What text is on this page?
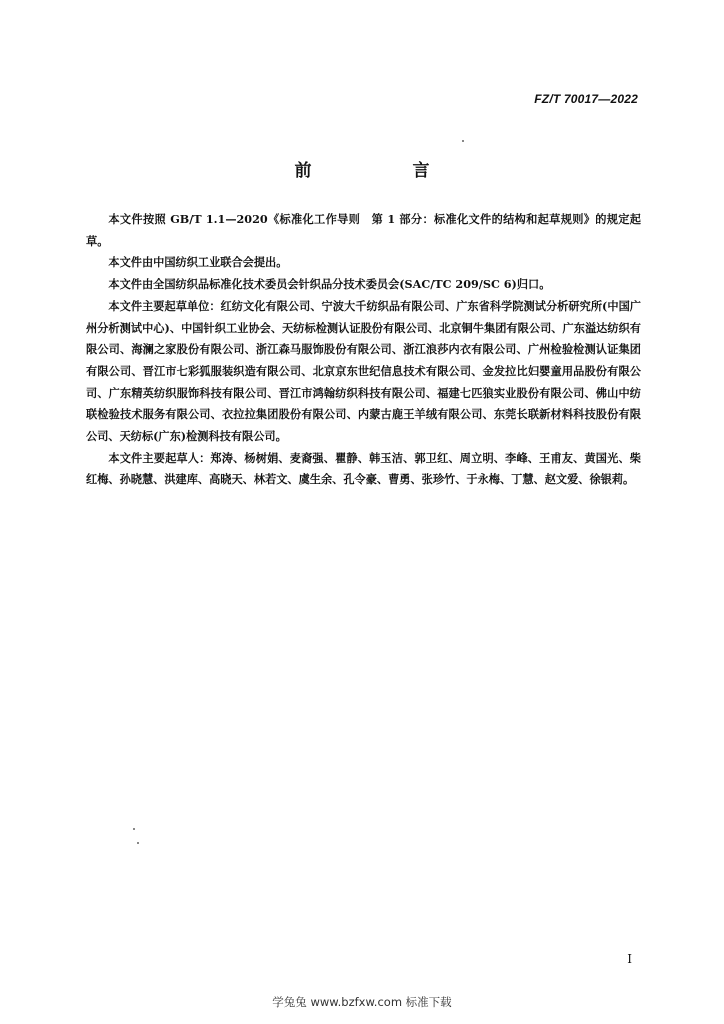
FZ/T 70017—2022
前　言

本文件按照 GB/T 1.1—2020《标准化工作导则　第 1 部分：标准化文件的结构和起草规则》的规定起草。

本文件由中国纺织工业联合会提出。

本文件由全国纺织品标准化技术委员会针织品分技术委员会(SAC/TC 209/SC 6)归口。

本文件主要起草单位：红纺文化有限公司、宁波大千纺织品有限公司、广东省科学院测试分析研究所(中国广州分析测试中心)、中国针织工业协会、天纺标检测认证股份有限公司、北京铜牛集团有限公司、广东溢达纺织有限公司、海澜之家股份有限公司、浙江森马服饰股份有限公司、浙江浪莎内衣有限公司、广州检验检测认证集团有限公司、晋江市七彩狐服装织造有限公司、北京京东世纪信息技术有限公司、金发拉比妇婴童用品股份有限公司、广东精英纺织服饰科技有限公司、晋江市鸿翰纺织科技有限公司、福建七匹狼实业股份有限公司、佛山中纺联检验技术服务有限公司、衣拉拉集团股份有限公司、内蒙古鹿王羊绒有限公司、东莞长联新材料科技股份有限公司、天纺标(广东)检测科技有限公司。

本文件主要起草人：郑涛、杨树娟、麦裔强、瞿静、韩玉洁、郭卫红、周立明、李峰、王甫友、黄国光、柴红梅、孙晓慧、洪建库、高晓天、林若文、虞生余、孔令豪、曹勇、张珍竹、于永梅、丁慧、赵文爱、徐银莉。

I
学兔兔 www.bzfxw.com 标准下载
